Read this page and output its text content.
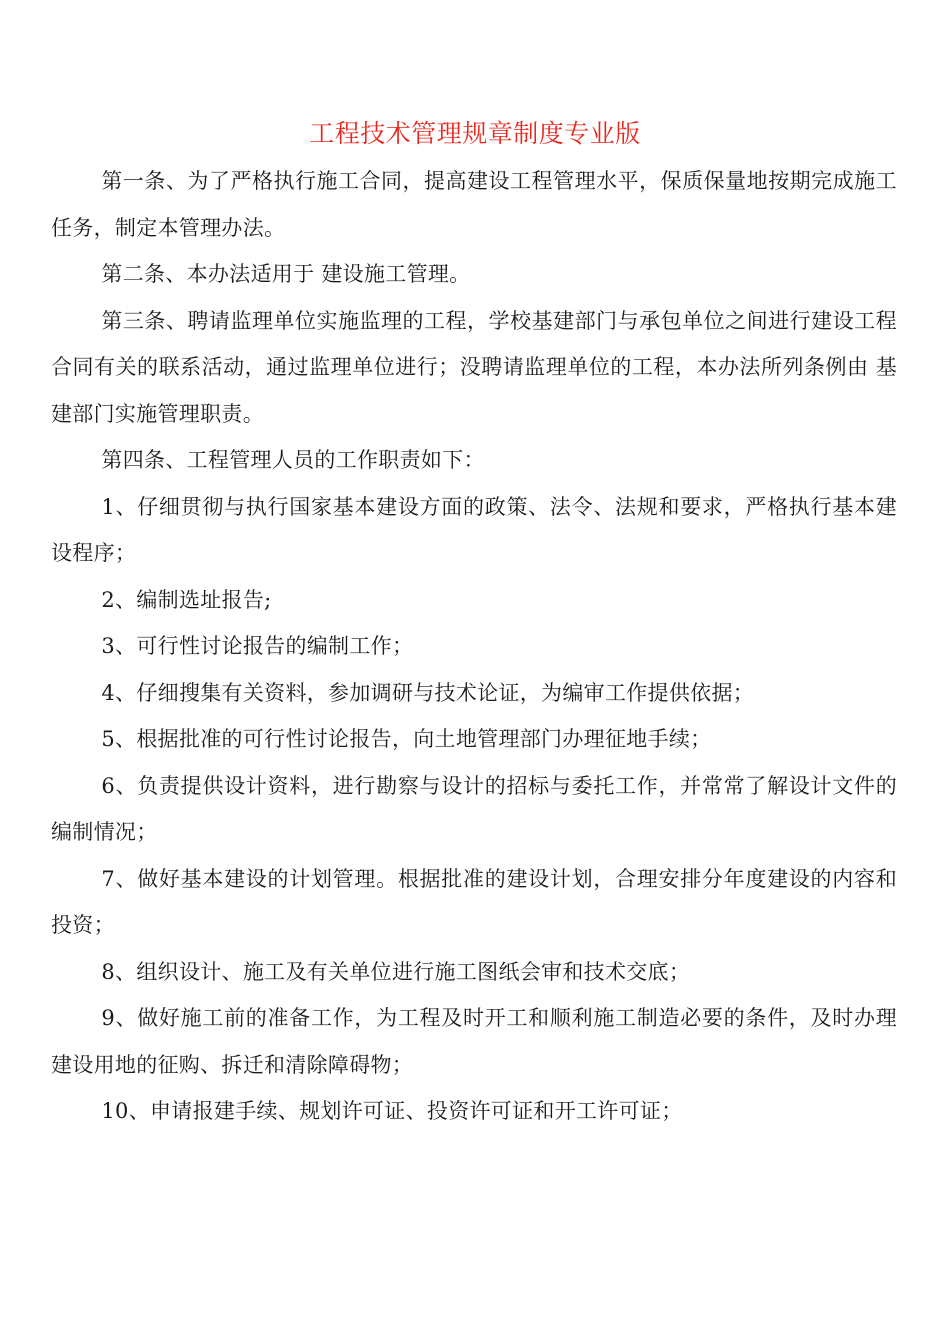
工程技术管理规章制度专业版

第一条、为了严格执行施工合同，提高建设工程管理水平，保质保量地按期完成施工任务，制定本管理办法。

第二条、本办法适用于 建设施工管理。

第三条、聘请监理单位实施监理的工程，学校基建部门与承包单位之间进行建设工程合同有关的联系活动，通过监理单位进行；没聘请监理单位的工程，本办法所列条例由 基建部门实施管理职责。

第四条、工程管理人员的工作职责如下：

1、仔细贯彻与执行国家基本建设方面的政策、法令、法规和要求，严格执行基本建设程序；

2、编制选址报告;

3、可行性讨论报告的编制工作；

4、仔细搜集有关资料，参加调研与技术论证，为编审工作提供依据；

5、根据批准的可行性讨论报告，向土地管理部门办理征地手续；

6、负责提供设计资料，进行勘察与设计的招标与委托工作，并常常了解设计文件的编制情况；

7、做好基本建设的计划管理。根据批准的建设计划，合理安排分年度建设的内容和投资；

8、组织设计、施工及有关单位进行施工图纸会审和技术交底；

9、做好施工前的准备工作，为工程及时开工和顺利施工制造必要的条件，及时办理建设用地的征购、拆迁和清除障碍物；

10、申请报建手续、规划许可证、投资许可证和开工许可证；
